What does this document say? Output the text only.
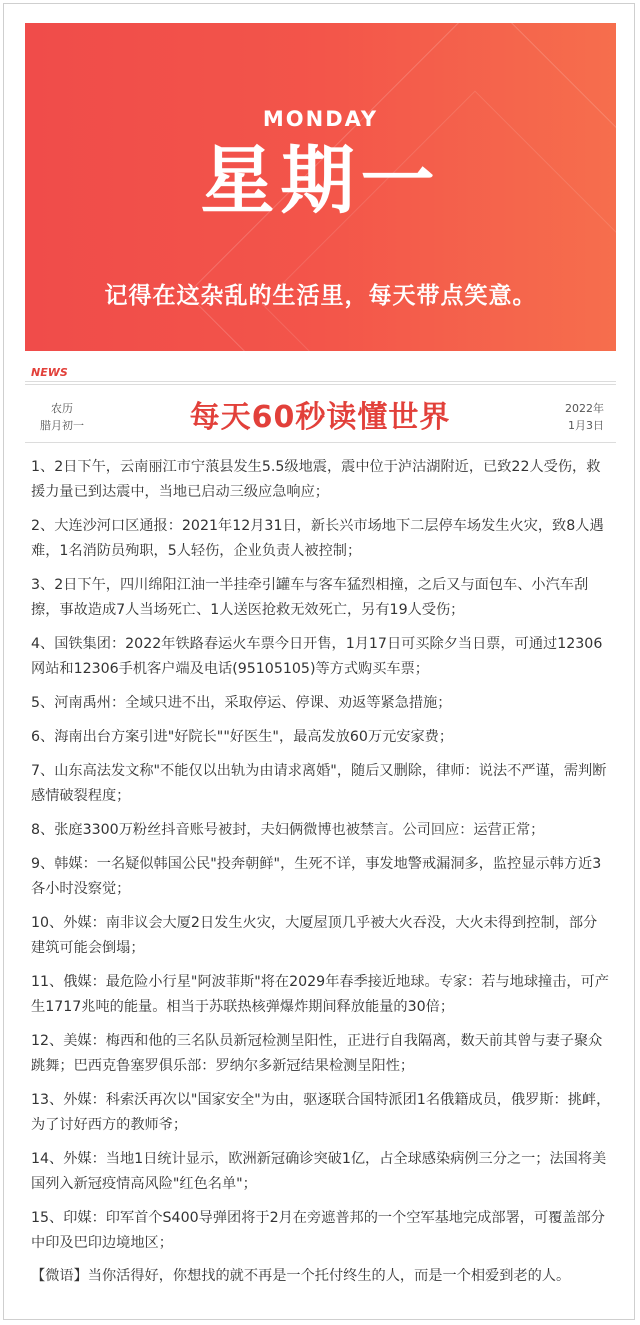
MONDAY
星期一
记得在这杂乱的生活里，每天带点笑意。
NEWS
农历
腊月初一	每天60秒读懂世界	2022年
1月3日

1、2日下午，云南丽江市宁蒗县发生5.5级地震，震中位于泸沽湖附近，已致22人受伤，救援力量已到达震中，当地已启动三级应急响应；

2、大连沙河口区通报：2021年12月31日，新长兴市场地下二层停车场发生火灾，致8人遇难，1名消防员殉职，5人轻伤，企业负责人被控制；

3、2日下午，四川绵阳江油一半挂牵引罐车与客车猛烈相撞，之后又与面包车、小汽车刮擦，事故造成7人当场死亡、1人送医抢救无效死亡，另有19人受伤；

4、国铁集团：2022年铁路春运火车票今日开售，1月17日可买除夕当日票，可通过12306网站和12306手机客户端及电话(95105105)等方式购买车票；

5、河南禹州：全域只进不出，采取停运、停课、劝返等紧急措施；

6、海南出台方案引进"好院长""好医生"，最高发放60万元安家费；

7、山东高法发文称"不能仅以出轨为由请求离婚"，随后又删除，律师：说法不严谨，需判断感情破裂程度；

8、张庭3300万粉丝抖音账号被封，夫妇俩微博也被禁言。公司回应：运营正常；

9、韩媒：一名疑似韩国公民"投奔朝鲜"，生死不详，事发地警戒漏洞多，监控显示韩方近3各小时没察觉；

10、外媒：南非议会大厦2日发生火灾，大厦屋顶几乎被大火吞没，大火未得到控制，部分建筑可能会倒塌；

11、俄媒：最危险小行星"阿波菲斯"将在2029年春季接近地球。专家：若与地球撞击，可产生1717兆吨的能量。相当于苏联热核弹爆炸期间释放能量的30倍；

12、美媒：梅西和他的三名队员新冠检测呈阳性，正进行自我隔离，数天前其曾与妻子聚众跳舞；巴西克鲁塞罗俱乐部：罗纳尔多新冠结果检测呈阳性；

13、外媒：科索沃再次以"国家安全"为由，驱逐联合国特派团1名俄籍成员，俄罗斯：挑衅，为了讨好西方的教师爷；

14、外媒：当地1日统计显示，欧洲新冠确诊突破1亿，占全球感染病例三分之一；法国将美国列入新冠疫情高风险"红色名单"；

15、印媒：印军首个S400导弹团将于2月在旁遮普邦的一个空军基地完成部署，可覆盖部分中印及巴印边境地区；

【微语】当你活得好，你想找的就不再是一个托付终生的人，而是一个相爱到老的人。
